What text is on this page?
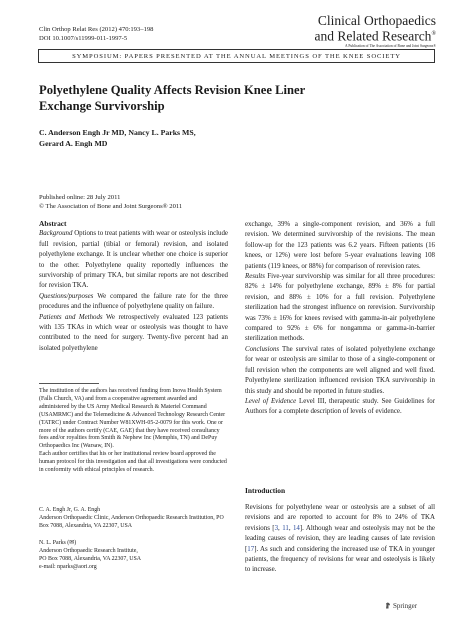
Clin Orthop Relat Res (2012) 470:193–198
DOI 10.1007/s11999-011-1997-5
Clinical Orthopaedics
and Related Research®
A Publication of The Association of Bone and Joint Surgeons®
SYMPOSIUM: PAPERS PRESENTED AT THE ANNUAL MEETINGS OF THE KNEE SOCIETY
Polyethylene Quality Affects Revision Knee Liner Exchange Survivorship
C. Anderson Engh Jr MD, Nancy L. Parks MS,
Gerard A. Engh MD
Published online: 28 July 2011
© The Association of Bone and Joint Surgeons® 2011
Abstract

Background Options to treat patients with wear or osteolysis include full revision, partial (tibial or femoral) revision, and isolated polyethylene exchange. It is unclear whether one choice is superior to the other. Polyethylene quality reportedly influences the survivorship of primary TKA, but similar reports are not described for revision TKA.

Questions/purposes We compared the failure rate for the three procedures and the influence of polyethylene quality on failure.

Patients and Methods We retrospectively evaluated 123 patients with 135 TKAs in which wear or osteolysis was thought to have contributed to the need for surgery. Twenty-five percent had an isolated polyethylene

The institution of the authors has received funding from Inova Health System (Falls Church, VA) and from a cooperative agreement awarded and administered by the US Army Medical Research & Materiel Command (USAMRMC) and the Telemedicine & Advanced Technology Research Center (TATRC) under Contract Number W81XWH-05-2-0079 for this work. One or more of the authors certify (CAE, GAE) that they have received consultancy fees and/or royalties from Smith & Nephew Inc (Memphis, TN) and DePuy Orthopaedics Inc (Warsaw, IN).

Each author certifies that his or her institutional review board approved the human protocol for this investigation and that all investigations were conducted in conformity with ethical principles of research.

C. A. Engh Jr, G. A. Engh

Anderson Orthopaedic Clinic, Anderson Orthopaedic Research Institution, PO Box 7088, Alexandria, VA 22307, USA

N. L. Parks (✉)

Anderson Orthopaedic Research Institute,

PO Box 7088, Alexandria, VA 22307, USA

e-mail: nparks@aori.org

exchange, 39% a single-component revision, and 36% a full revision. We determined survivorship of the revisions. The mean follow-up for the 123 patients was 6.2 years. Fifteen patients (16 knees, or 12%) were lost before 5-year evaluations leaving 108 patients (119 knees, or 88%) for comparison of rerevision rates.

Results Five-year survivorship was similar for all three procedures: 82% ± 14% for polyethylene exchange, 89% ± 8% for partial revision, and 88% ± 10% for a full revision. Polyethylene sterilization had the strongest influence on rerevision. Survivorship was 73% ± 16% for knees revised with gamma-in-air polyethylene compared to 92% ± 6% for nongamma or gamma-in-barrier sterilization methods.

Conclusions The survival rates of isolated polyethylene exchange for wear or osteolysis are similar to those of a single-component or full revision when the components are well aligned and well fixed. Polyethylene sterilization influenced revision TKA survivorship in this study and should be reported in future studies.

Level of Evidence Level III, therapeutic study. See Guidelines for Authors for a complete description of levels of evidence.

Introduction

Revisions for polyethylene wear or osteolysis are a subset of all revisions and are reported to account for 8% to 24% of TKA revisions [3, 11, 14]. Although wear and osteolysis may not be the leading causes of revision, they are leading causes of late revision [17]. As such and considering the increased use of TKA in younger patients, the frequency of revisions for wear and osteolysis is likely to increase.

Springer
